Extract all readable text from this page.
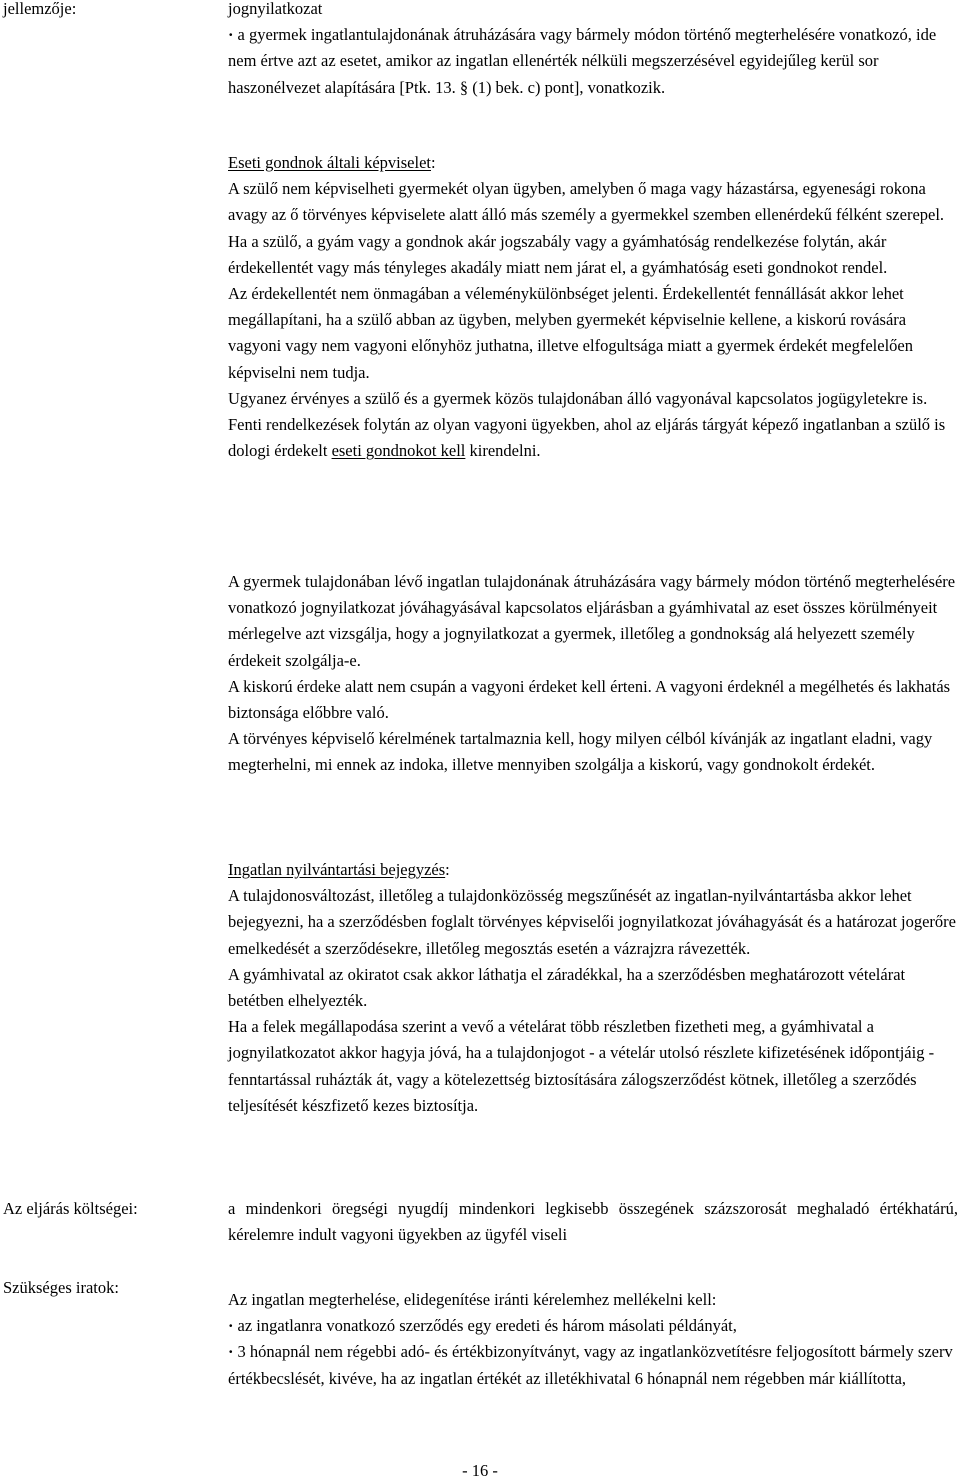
jellemzője:

Az eljárás költségei:

Szükséges iratok:

jognyilatkozat

· a gyermek ingatlantulajdonának átruházására vagy bármely módon történő megterhelésére vonatkozó, ide nem értve azt az esetet, amikor az ingatlan ellenérték nélküli megszerzésével egyidejűleg kerül sor haszonélvezet alapítására [Ptk. 13. § (1) bek. c) pont], vonatkozik.

Eseti gondnok általi képviselet:

A szülő nem képviselheti gyermekét olyan ügyben, amelyben ő maga vagy házastársa, egyenesági rokona avagy az ő törvényes képviselete alatt álló más személy a gyermekkel szemben ellenérdekű félként szerepel.

Ha a szülő, a gyám vagy a gondnok akár jogszabály vagy a gyámhatóság rendelkezése folytán, akár érdekellentét vagy más tényleges akadály miatt nem járat el, a gyámhatóság eseti gondnokot rendel.

Az érdekellentét nem önmagában a véleménykülönbséget jelenti. Érdekellentét fennállását akkor lehet megállapítani, ha a szülő abban az ügyben, melyben gyermekét képviselnie kellene, a kiskorú rovására vagyoni vagy nem vagyoni előnyhöz juthatna, illetve elfogultsága miatt a gyermek érdekét megfelelően képviselni nem tudja.

Ugyanez érvényes a szülő és a gyermek közös tulajdonában álló vagyonával kapcsolatos jogügyletekre is.

Fenti rendelkezések folytán az olyan vagyoni ügyekben, ahol az eljárás tárgyát képező ingatlanban a szülő is dologi érdekelt eseti gondnokot kell kirendelni.

A gyermek tulajdonában lévő ingatlan tulajdonának átruházására vagy bármely módon történő megterhelésére vonatkozó jognyilatkozat jóváhagyásával kapcsolatos eljárásban a gyámhivatal az eset összes körülményeit mérlegelve azt vizsgálja, hogy a jognyilatkozat a gyermek, illetőleg a gondnokság alá helyezett személy érdekeit szolgálja-e.

A kiskorú érdeke alatt nem csupán a vagyoni érdeket kell érteni. A vagyoni érdeknél a megélhetés és lakhatás biztonsága előbbre való.

A törvényes képviselő kérelmének tartalmaznia kell, hogy milyen célból kívánják az ingatlant eladni, vagy megterhelni, mi ennek az indoka, illetve mennyiben szolgálja a kiskorú, vagy gondnokolt érdekét.

Ingatlan nyilvántartási bejegyzés:

A tulajdonosváltozást, illetőleg a tulajdonközösség megszűnését az ingatlan-nyilvántartásba akkor lehet bejegyezni, ha a szerződésben foglalt törvényes képviselői jognyilatkozat jóváhagyását és a határozat jogerőre emelkedését a szerződésekre, illetőleg megosztás esetén a vázrajzra rávezették.

A gyámhivatal az okiratot csak akkor láthatja el záradékkal, ha a szerződésben meghatározott vételárat betétben elhelyezték.

Ha a felek megállapodása szerint a vevő a vételárat több részletben fizetheti meg, a gyámhivatal a jognyilatkozatot akkor hagyja jóvá, ha a tulajdonjogot - a vételár utolsó részlete kifizetésének időpontjáig - fenntartással ruházták át, vagy a kötelezettség biztosítására zálogszerződést kötnek, illetőleg a szerződés teljesítését készfizető kezes biztosítja.

a mindenkori öregségi nyugdíj mindenkori legkisebb összegének százszorosát meghaladó értékhatárú, kérelemre indult vagyoni ügyekben az ügyfél viseli

Az ingatlan megterhelése, elidegenítése iránti kérelemhez mellékelni kell:

· az ingatlanra vonatkozó szerződés egy eredeti és három másolati példányát,

· 3 hónapnál nem régebbi adó- és értékbizonyítványt, vagy az ingatlanközvetítésre feljogosított bármely szerv értékbecslését, kivéve, ha az ingatlan értékét az illetékhivatal 6 hónapnál nem régebben már kiállította,

- 16 -
